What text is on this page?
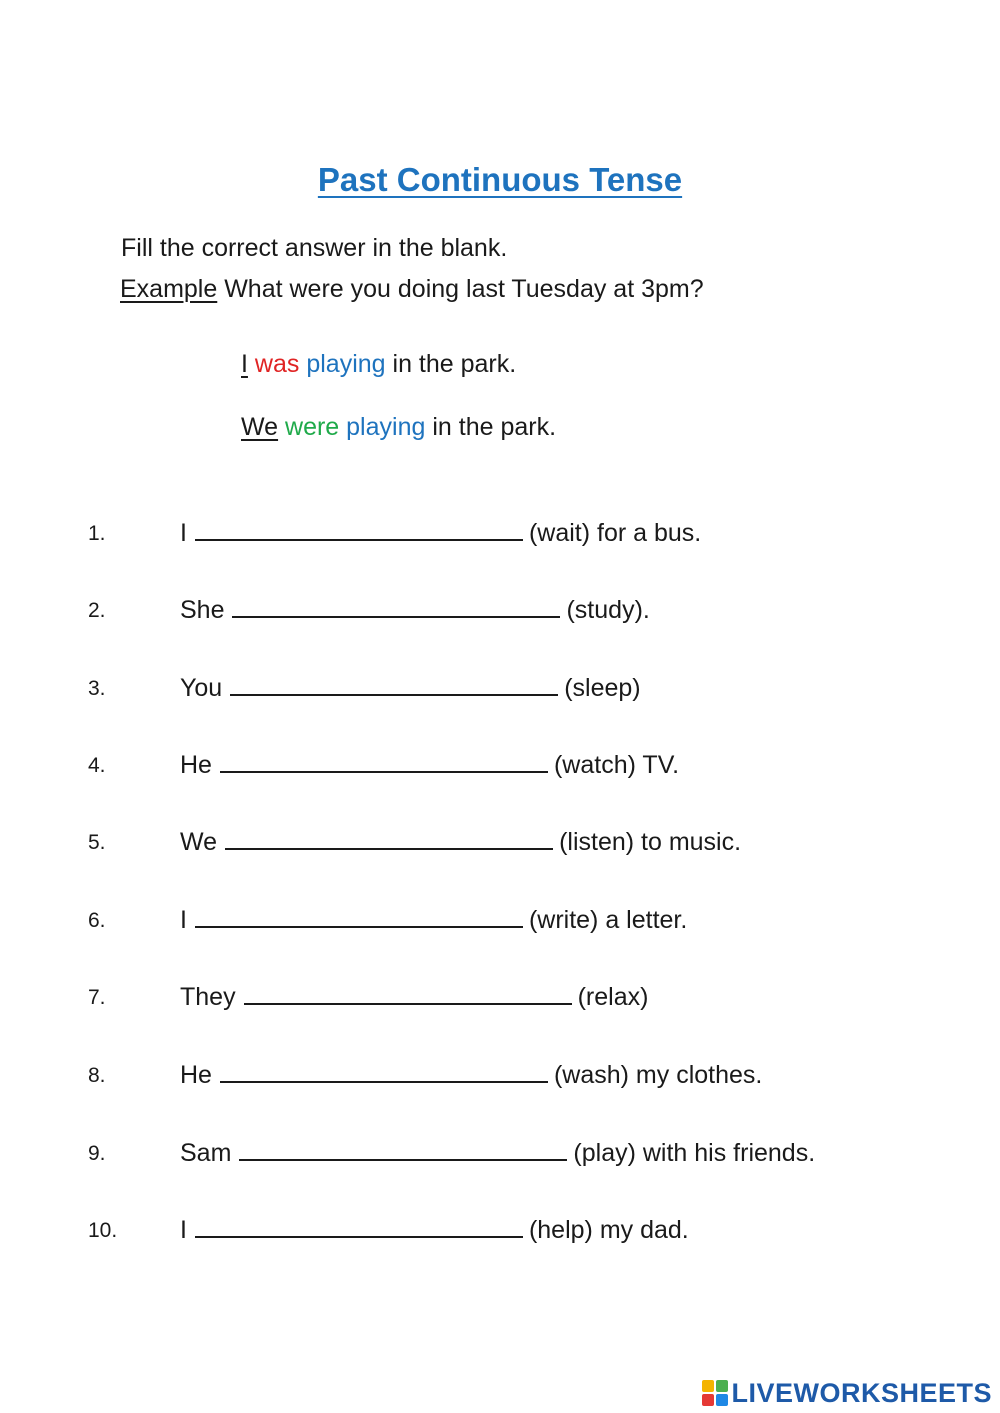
Past Continuous Tense

Fill the correct answer in the blank.

Example What were you doing last Tuesday at 3pm?

I was playing in the park.

We were playing in the park.

1.	I	(wait) for a bus.
2.	She	(study).
3.	You	(sleep)
4.	He	(watch) TV.
5.	We	(listen) to music.
6.	I	(write) a letter.
7.	They	(relax)
8.	He	(wash) my clothes.
9.	Sam	(play) with his friends.
10.	I	(help) my dad.
LIVEWORKSHEETS
